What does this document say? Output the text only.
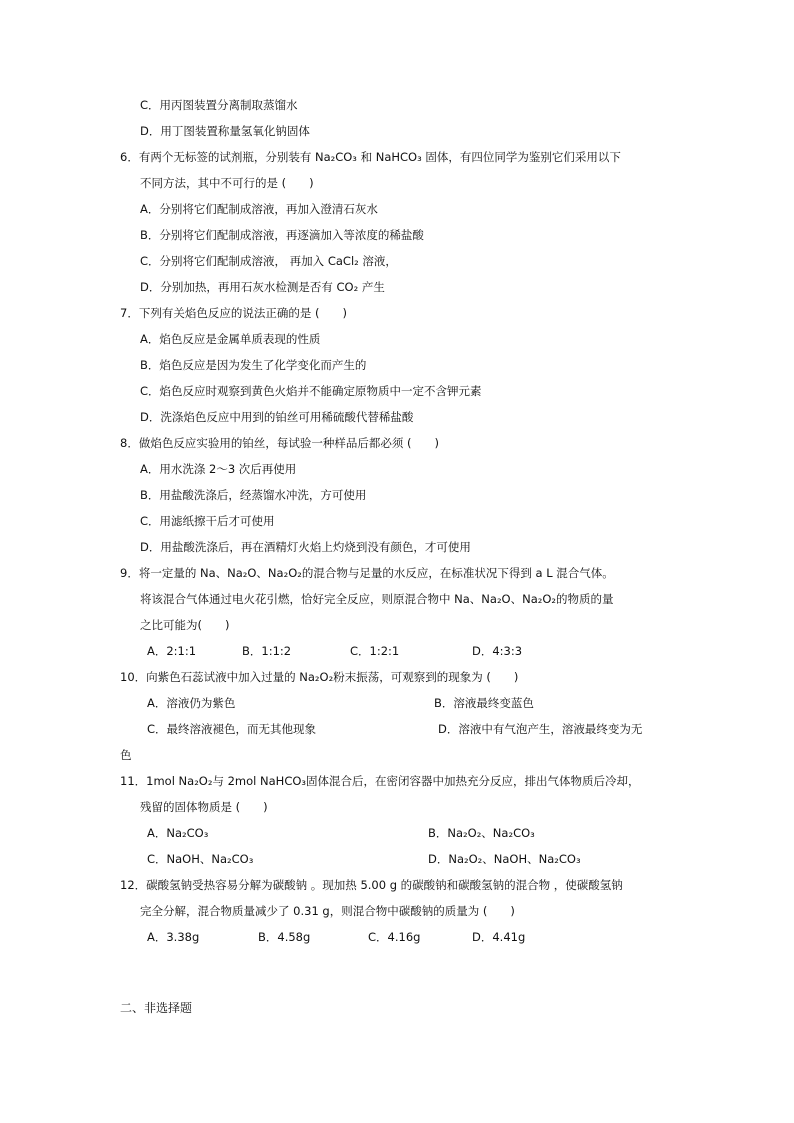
C．用丙图装置分离制取蒸馏水
D．用丁图装置称量氢氧化钠固体
6．有两个无标签的试剂瓶，分别装有 Na₂CO₃ 和 NaHCO₃ 固体，有四位同学为鉴别它们采用以下
不同方法，其中不可行的是 (　　)
A．分别将它们配制成溶液，再加入澄清石灰水
B．分别将它们配制成溶液，再逐滴加入等浓度的稀盐酸
C．分别将它们配制成溶液， 再加入 CaCl₂ 溶液，
D．分别加热，再用石灰水检测是否有 CO₂ 产生
7．下列有关焰色反应的说法正确的是 (　　)
A．焰色反应是金属单质表现的性质
B．焰色反应是因为发生了化学变化而产生的
C．焰色反应时观察到黄色火焰并不能确定原物质中一定不含钾元素
D．洗涤焰色反应中用到的铂丝可用稀硫酸代替稀盐酸
8．做焰色反应实验用的铂丝，每试验一种样品后都必须 (　　)
A．用水洗涤 2～3 次后再使用
B．用盐酸洗涤后，经蒸馏水冲洗，方可使用
C．用滤纸擦干后才可使用
D．用盐酸洗涤后，再在酒精灯火焰上灼烧到没有颜色，才可使用
9．将一定量的 Na、Na₂O、Na₂O₂的混合物与足量的水反应，在标准状况下得到 a L 混合气体。
将该混合气体通过电火花引燃，恰好完全反应，则原混合物中 Na、Na₂O、Na₂O₂的物质的量
之比可能为(　　)
A．2:1:1	B．1:1:2	C．1:2:1	D．4:3:3
10．向紫色石蕊试液中加入过量的 Na₂O₂粉末振荡，可观察到的现象为 (　　)
A．溶液仍为紫色	B．溶液最终变蓝色
C．最终溶液褪色，而无其他现象	D．溶液中有气泡产生，溶液最终变为无
色
11．1mol Na₂O₂与 2mol NaHCO₃固体混合后，在密闭容器中加热充分反应，排出气体物质后冷却，
残留的固体物质是 (　　)
A．Na₂CO₃	B．Na₂O₂、Na₂CO₃
C．NaOH、Na₂CO₃	D．Na₂O₂、NaOH、Na₂CO₃
12．碳酸氢钠受热容易分解为碳酸钠 。现加热 5.00 g 的碳酸钠和碳酸氢钠的混合物 ，使碳酸氢钠
完全分解，混合物质量减少了 0.31 g，则混合物中碳酸钠的质量为 (　　)
A．3.38g	B．4.58g	C．4.16g	D．4.41g
二、非选择题
